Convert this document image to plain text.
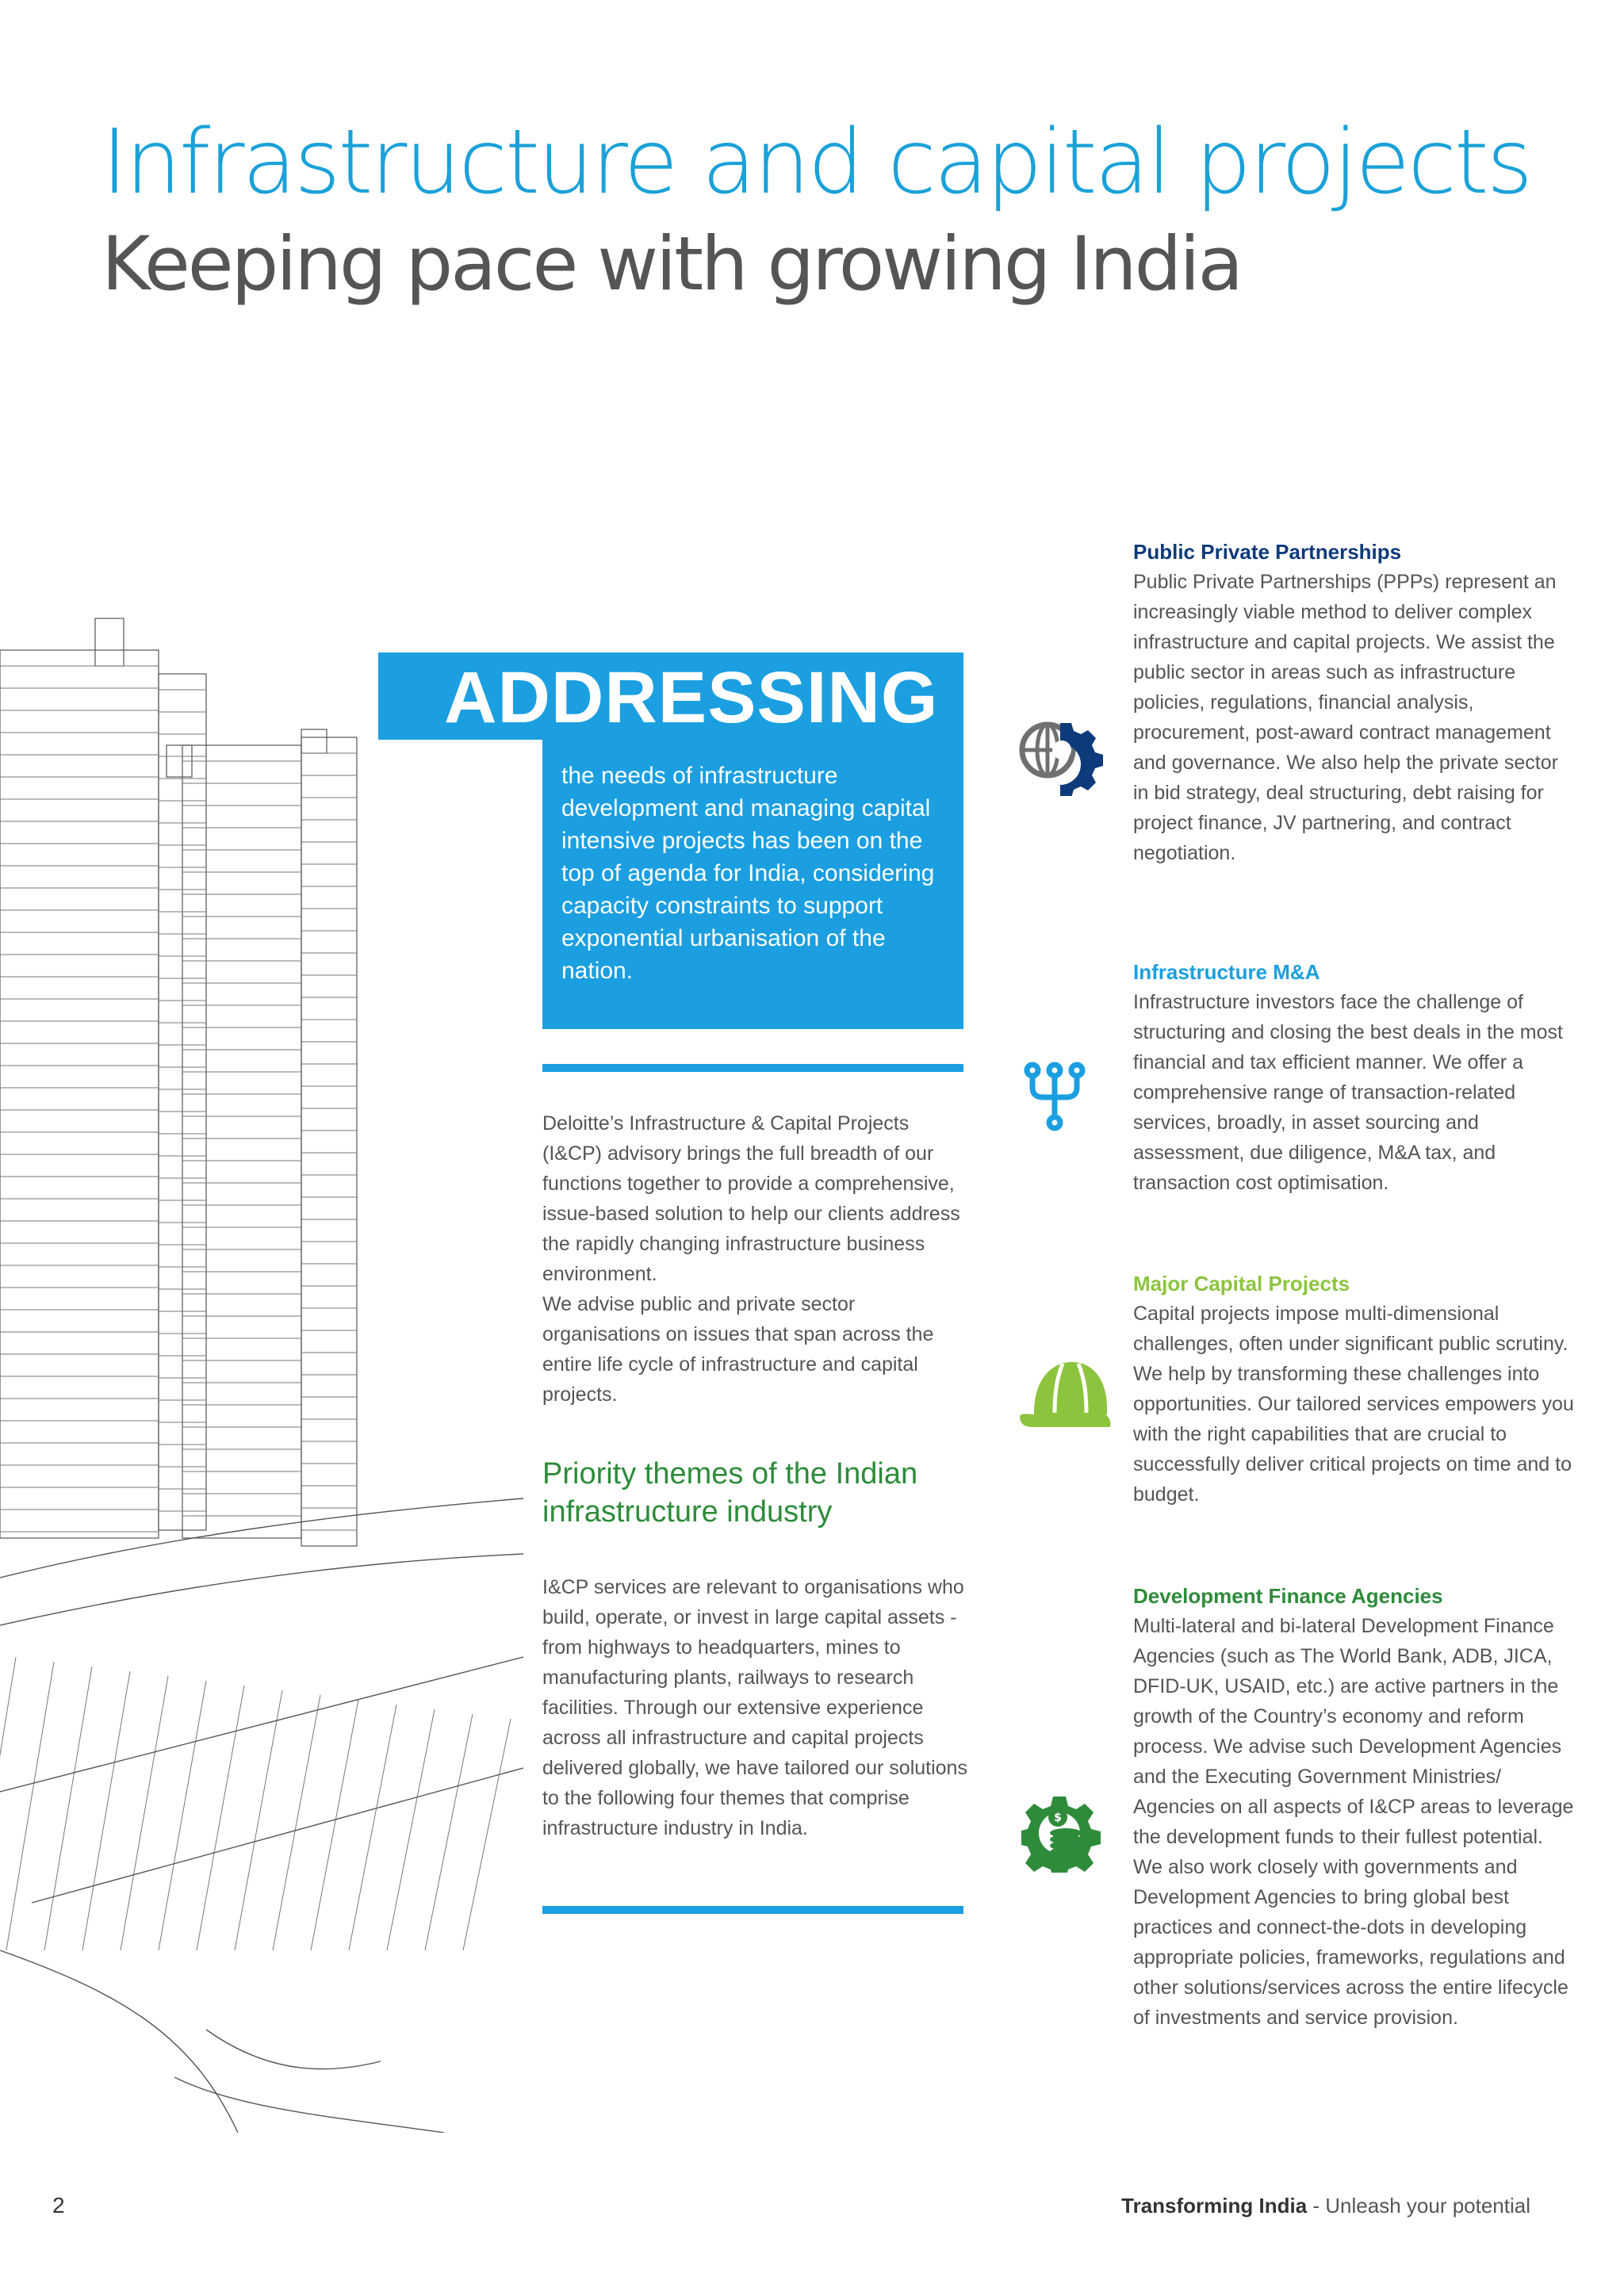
Infrastructure and capital projects
Keeping pace with growing India
ADDRESSING
the needs of infrastructure development and managing capital intensive projects has been on the top of agenda for India, considering capacity constraints to support exponential urbanisation of the nation.
Deloitte’s Infrastructure & Capital Projects (I&CP) advisory brings the full breadth of our functions together to provide a comprehensive, issue-based solution to help our clients address the rapidly changing infrastructure business environment.
We advise public and private sector organisations on issues that span across the entire life cycle of infrastructure and capital projects.
Priority themes of the Indian infrastructure industry
I&CP services are relevant to organisations who build, operate, or invest in large capital assets - from highways to headquarters, mines to manufacturing plants, railways to research facilities. Through our extensive experience across all infrastructure and capital projects delivered globally, we have tailored our solutions to the following four themes that comprise infrastructure industry in India.
Public Private Partnerships
Public Private Partnerships (PPPs) represent an increasingly viable method to deliver complex infrastructure and capital projects. We assist the public sector in areas such as infrastructure policies, regulations, financial analysis, procurement, post-award contract management and governance. We also help the private sector in bid strategy, deal structuring, debt raising for project finance, JV partnering, and contract negotiation.
Infrastructure M&A
Infrastructure investors face the challenge of structuring and closing the best deals in the most financial and tax efficient manner. We offer a comprehensive range of transaction-related services, broadly, in asset sourcing and assessment, due diligence, M&A tax, and transaction cost optimisation.
Major Capital Projects
Capital projects impose multi-dimensional challenges, often under significant public scrutiny. We help by transforming these challenges into opportunities. Our tailored services empowers you with the right capabilities that are crucial to successfully deliver critical projects on time and to budget.
Development Finance Agencies
Multi-lateral and bi-lateral Development Finance Agencies (such as The World Bank, ADB, JICA, DFID-UK, USAID, etc.) are active partners in the growth of the Country’s economy and reform process. We advise such Development Agencies and the Executing Government Ministries/ Agencies on all aspects of I&CP areas to leverage the development funds to their fullest potential. We also work closely with governments and Development Agencies to bring global best practices and connect-the-dots in developing appropriate policies, frameworks, regulations and other solutions/services across the entire lifecycle of investments and service provision.
$
2	Transforming India - Unleash your potential
